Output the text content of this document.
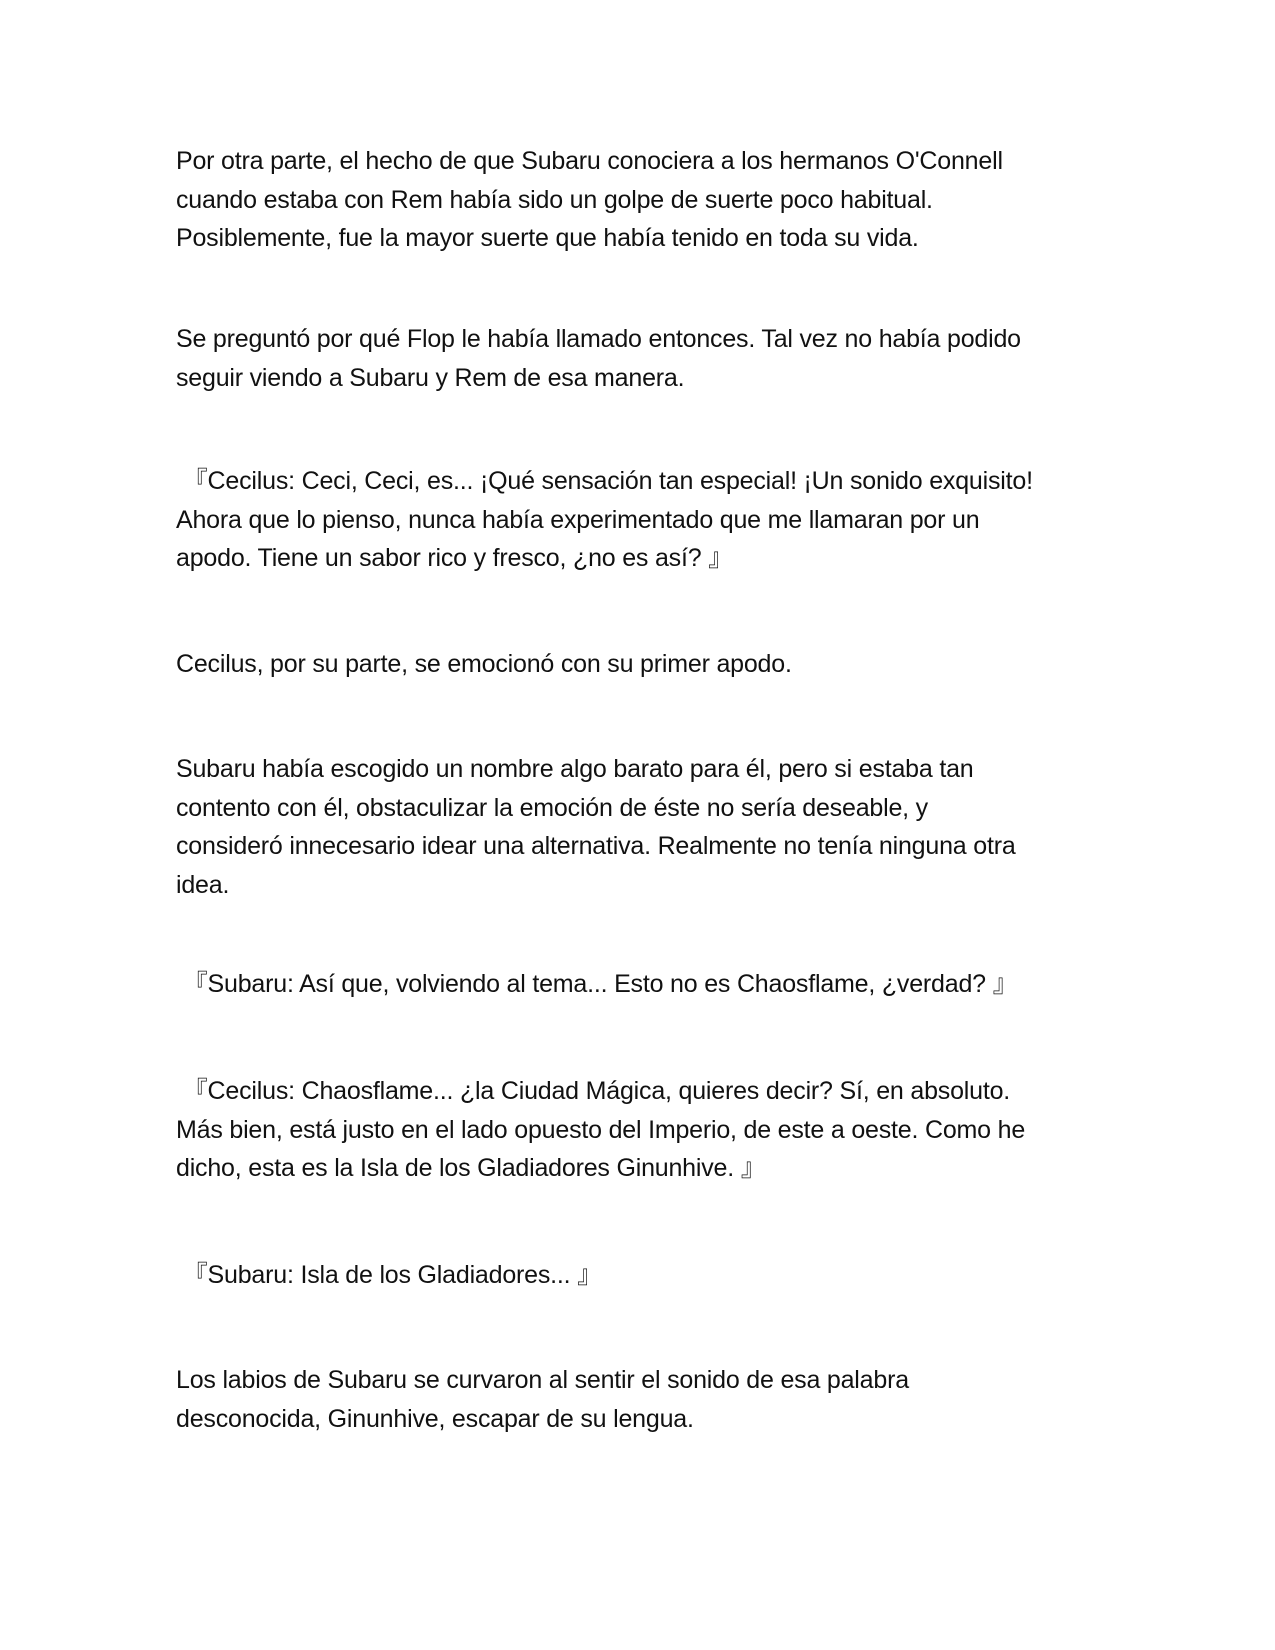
Por otra parte, el hecho de que Subaru conociera a los hermanos O'Connell
cuando estaba con Rem había sido un golpe de suerte poco habitual.
Posiblemente, fue la mayor suerte que había tenido en toda su vida.

Se preguntó por qué Flop le había llamado entonces. Tal vez no había podido
seguir viendo a Subaru y Rem de esa manera.

『Cecilus: Ceci, Ceci, es... ¡Qué sensación tan especial! ¡Un sonido exquisito!
Ahora que lo pienso, nunca había experimentado que me llamaran por un
apodo. Tiene un sabor rico y fresco, ¿no es así? 』

Cecilus, por su parte, se emocionó con su primer apodo.

Subaru había escogido un nombre algo barato para él, pero si estaba tan
contento con él, obstaculizar la emoción de éste no sería deseable, y
consideró innecesario idear una alternativa. Realmente no tenía ninguna otra
idea.

『Subaru: Así que, volviendo al tema... Esto no es Chaosflame, ¿verdad? 』

『Cecilus: Chaosflame... ¿la Ciudad Mágica, quieres decir? Sí, en absoluto.
Más bien, está justo en el lado opuesto del Imperio, de este a oeste. Como he
dicho, esta es la Isla de los Gladiadores Ginunhive. 』

『Subaru: Isla de los Gladiadores... 』

Los labios de Subaru se curvaron al sentir el sonido de esa palabra
desconocida, Ginunhive, escapar de su lengua.
